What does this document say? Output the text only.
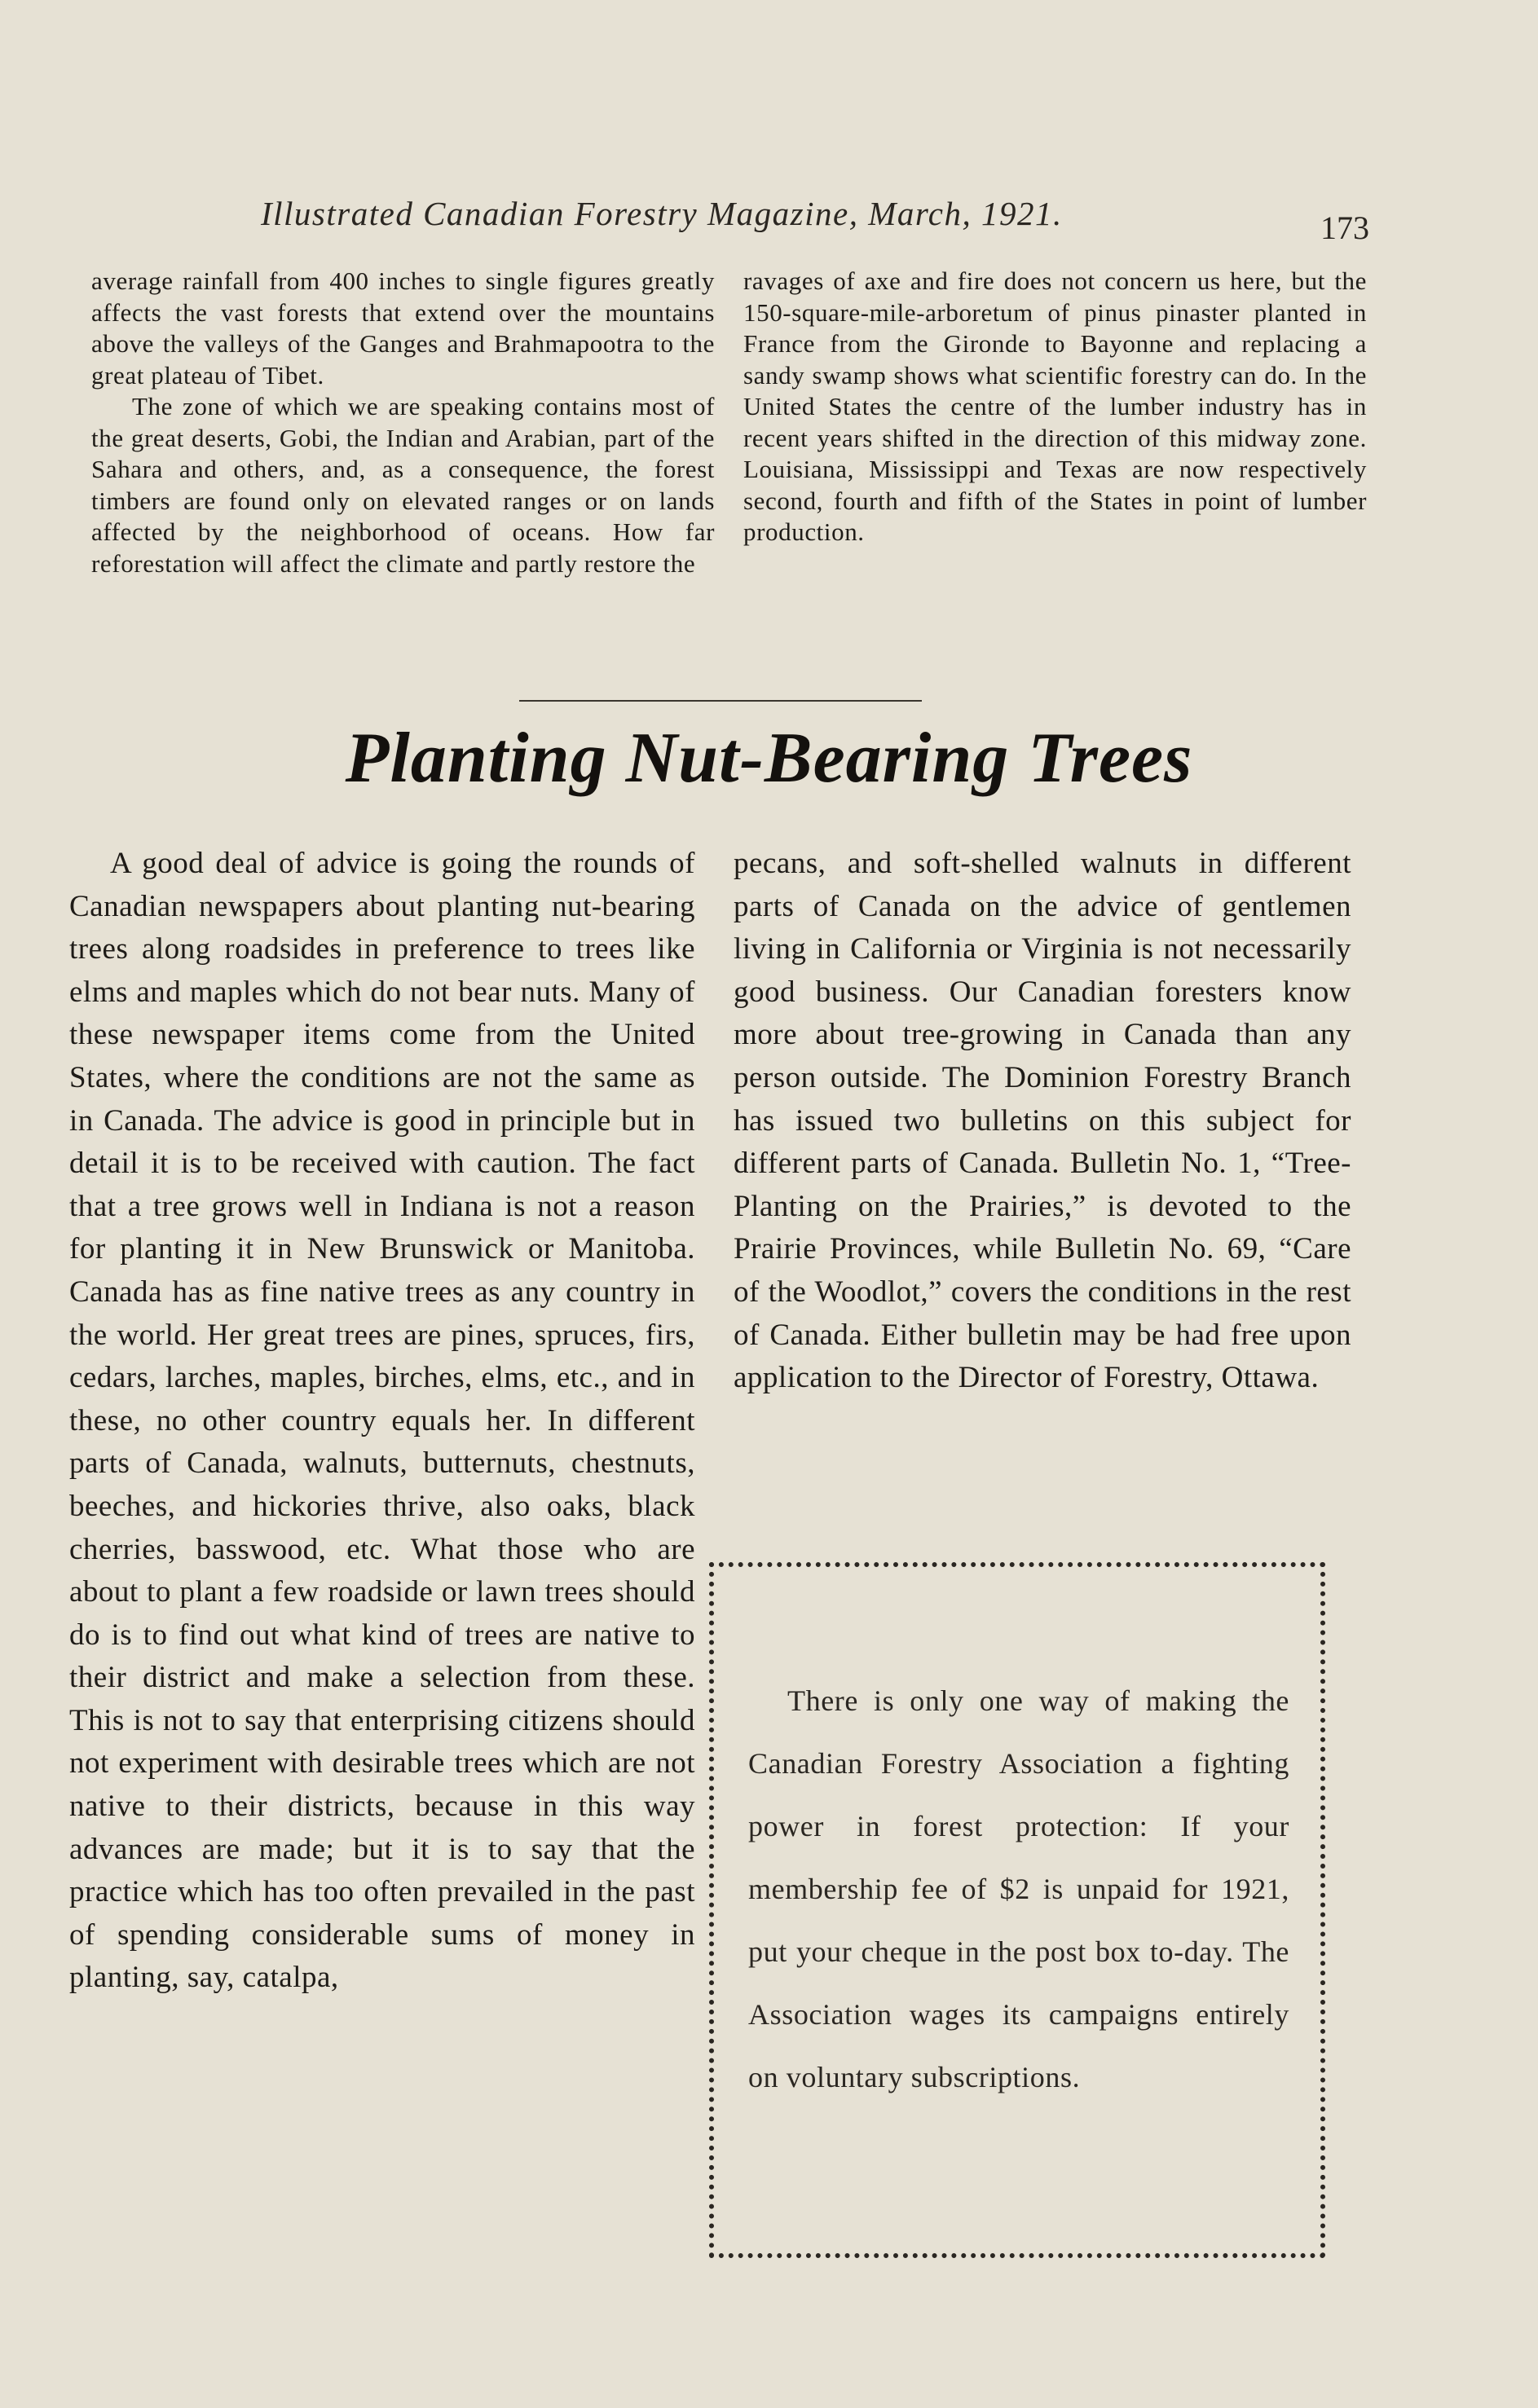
Illustrated Canadian Forestry Magazine, March, 1921.	173

average rainfall from 400 inches to single figures greatly affects the vast forests that extend over the mountains above the valleys of the Ganges and Brahmapootra to the great plateau of Tibet.

The zone of which we are speaking contains most of the great deserts, Gobi, the Indian and Arabian, part of the Sahara and others, and, as a consequence, the forest timbers are found only on elevated ranges or on lands affected by the neighborhood of oceans. How far reforestation will affect the climate and partly restore the

ravages of axe and fire does not concern us here, but the 150-square-mile-arboretum of pinus pinaster planted in France from the Gironde to Bayonne and replacing a sandy swamp shows what scientific forestry can do. In the United States the centre of the lumber industry has in recent years shifted in the direction of this midway zone. Louisiana, Mississippi and Texas are now respectively second, fourth and fifth of the States in point of lumber production.

Planting Nut-Bearing Trees

A good deal of advice is going the rounds of Canadian newspapers about planting nut-bearing trees along roadsides in preference to trees like elms and maples which do not bear nuts. Many of these newspaper items come from the United States, where the conditions are not the same as in Canada. The advice is good in principle but in detail it is to be received with caution. The fact that a tree grows well in Indiana is not a reason for planting it in New Brunswick or Manitoba. Canada has as fine native trees as any country in the world. Her great trees are pines, spruces, firs, cedars, larches, maples, birches, elms, etc., and in these, no other country equals her. In different parts of Canada, walnuts, butternuts, chestnuts, beeches, and hickories thrive, also oaks, black cherries, basswood, etc. What those who are about to plant a few roadside or lawn trees should do is to find out what kind of trees are native to their district and make a selection from these. This is not to say that enterprising citizens should not experiment with desirable trees which are not native to their districts, because in this way advances are made; but it is to say that the practice which has too often prevailed in the past of spending considerable sums of money in planting, say, catalpa,

pecans, and soft-shelled walnuts in different parts of Canada on the advice of gentlemen living in California or Virginia is not necessarily good business. Our Canadian foresters know more about tree-growing in Canada than any person outside. The Dominion Forestry Branch has issued two bulletins on this subject for different parts of Canada. Bulletin No. 1, “Tree-Planting on the Prairies,” is devoted to the Prairie Provinces, while Bulletin No. 69, “Care of the Woodlot,” covers the conditions in the rest of Canada. Either bulletin may be had free upon application to the Director of Forestry, Ottawa.

There is only one way of making the Canadian Forestry Association a fighting power in forest protection: If your membership fee of $2 is unpaid for 1921, put your cheque in the post box to-day. The Association wages its campaigns entirely on voluntary subscriptions.
